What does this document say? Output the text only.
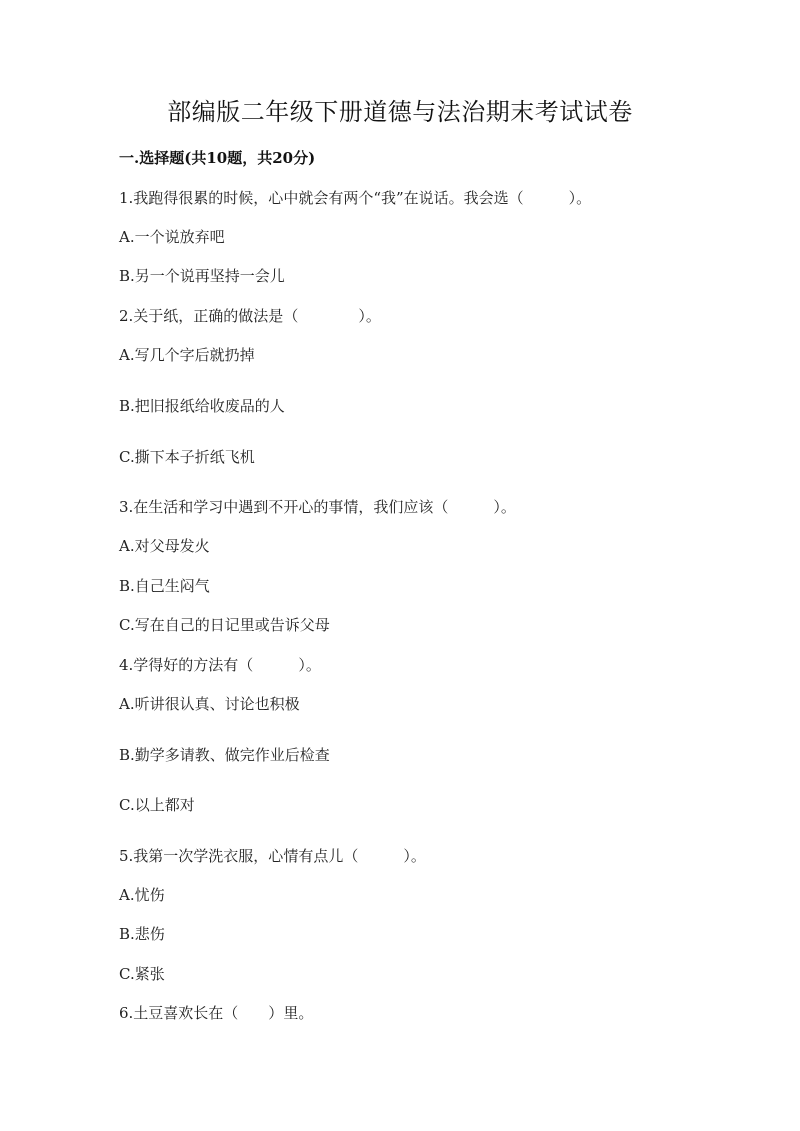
部编版二年级下册道德与法治期末考试试卷
一.选择题(共10题，共20分)
1.我跑得很累的时候，心中就会有两个“我”在说话。我会选（　　　）。
A.一个说放弃吧
B.另一个说再坚持一会儿
2.关于纸，正确的做法是（　　　　）。
A.写几个字后就扔掉
B.把旧报纸给收废品的人
C.撕下本子折纸飞机
3.在生活和学习中遇到不开心的事情，我们应该（　　　）。
A.对父母发火
B.自己生闷气
C.写在自己的日记里或告诉父母
4.学得好的方法有（　　　）。
A.听讲很认真、讨论也积极
B.勤学多请教、做完作业后检查
C.以上都对
5.我第一次学洗衣服，心情有点儿（　　　）。
A.忧伤
B.悲伤
C.紧张
6.土豆喜欢长在（　　）里。
